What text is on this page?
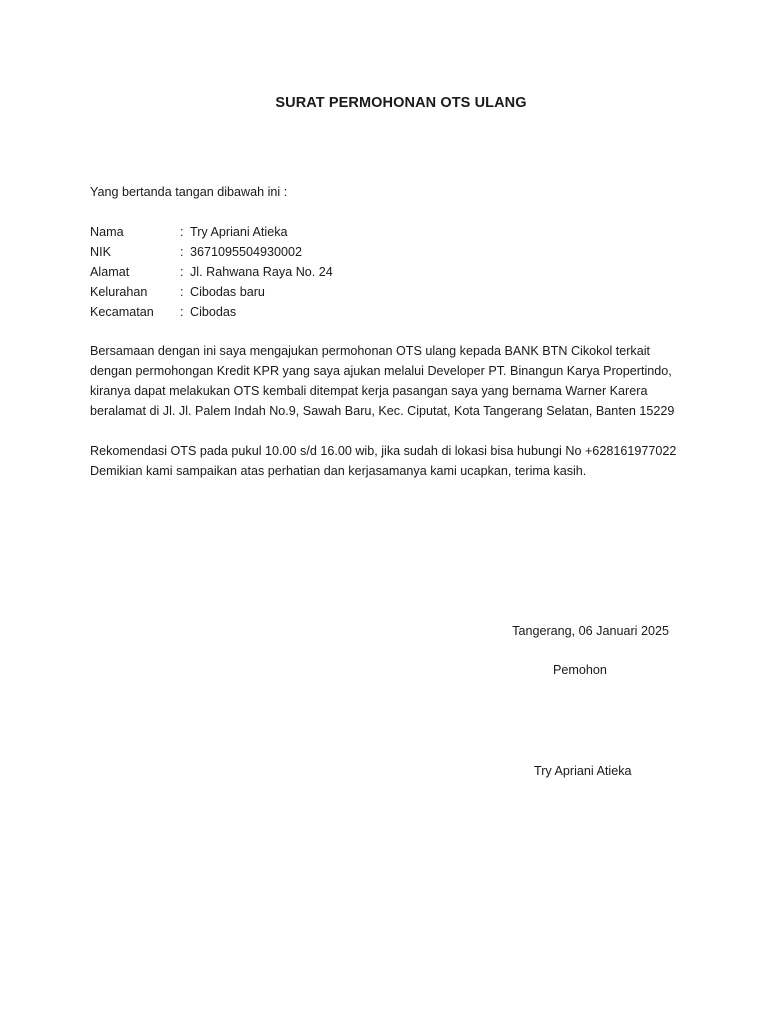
SURAT PERMOHONAN OTS ULANG
Yang bertanda tangan dibawah ini :
Nama	: Try Apriani Atieka
NIK	: 3671095504930002
Alamat	: Jl. Rahwana Raya No. 24
Kelurahan	: Cibodas baru
Kecamatan	: Cibodas
Bersamaan dengan ini saya mengajukan permohonan OTS ulang kepada BANK BTN Cikokol terkait
dengan permohongan Kredit KPR yang saya ajukan melalui Developer PT. Binangun Karya Propertindo,
kiranya dapat melakukan OTS kembali ditempat kerja pasangan saya yang bernama Warner Karera
beralamat di Jl. Jl. Palem Indah No.9, Sawah Baru, Kec. Ciputat, Kota Tangerang Selatan, Banten 15229
Rekomendasi OTS pada pukul 10.00 s/d 16.00 wib, jika sudah di lokasi bisa hubungi No +628161977022
Demikian kami sampaikan atas perhatian dan kerjasamanya kami ucapkan, terima kasih.
Tangerang, 06 Januari 2025
Pemohon
Try Apriani Atieka
